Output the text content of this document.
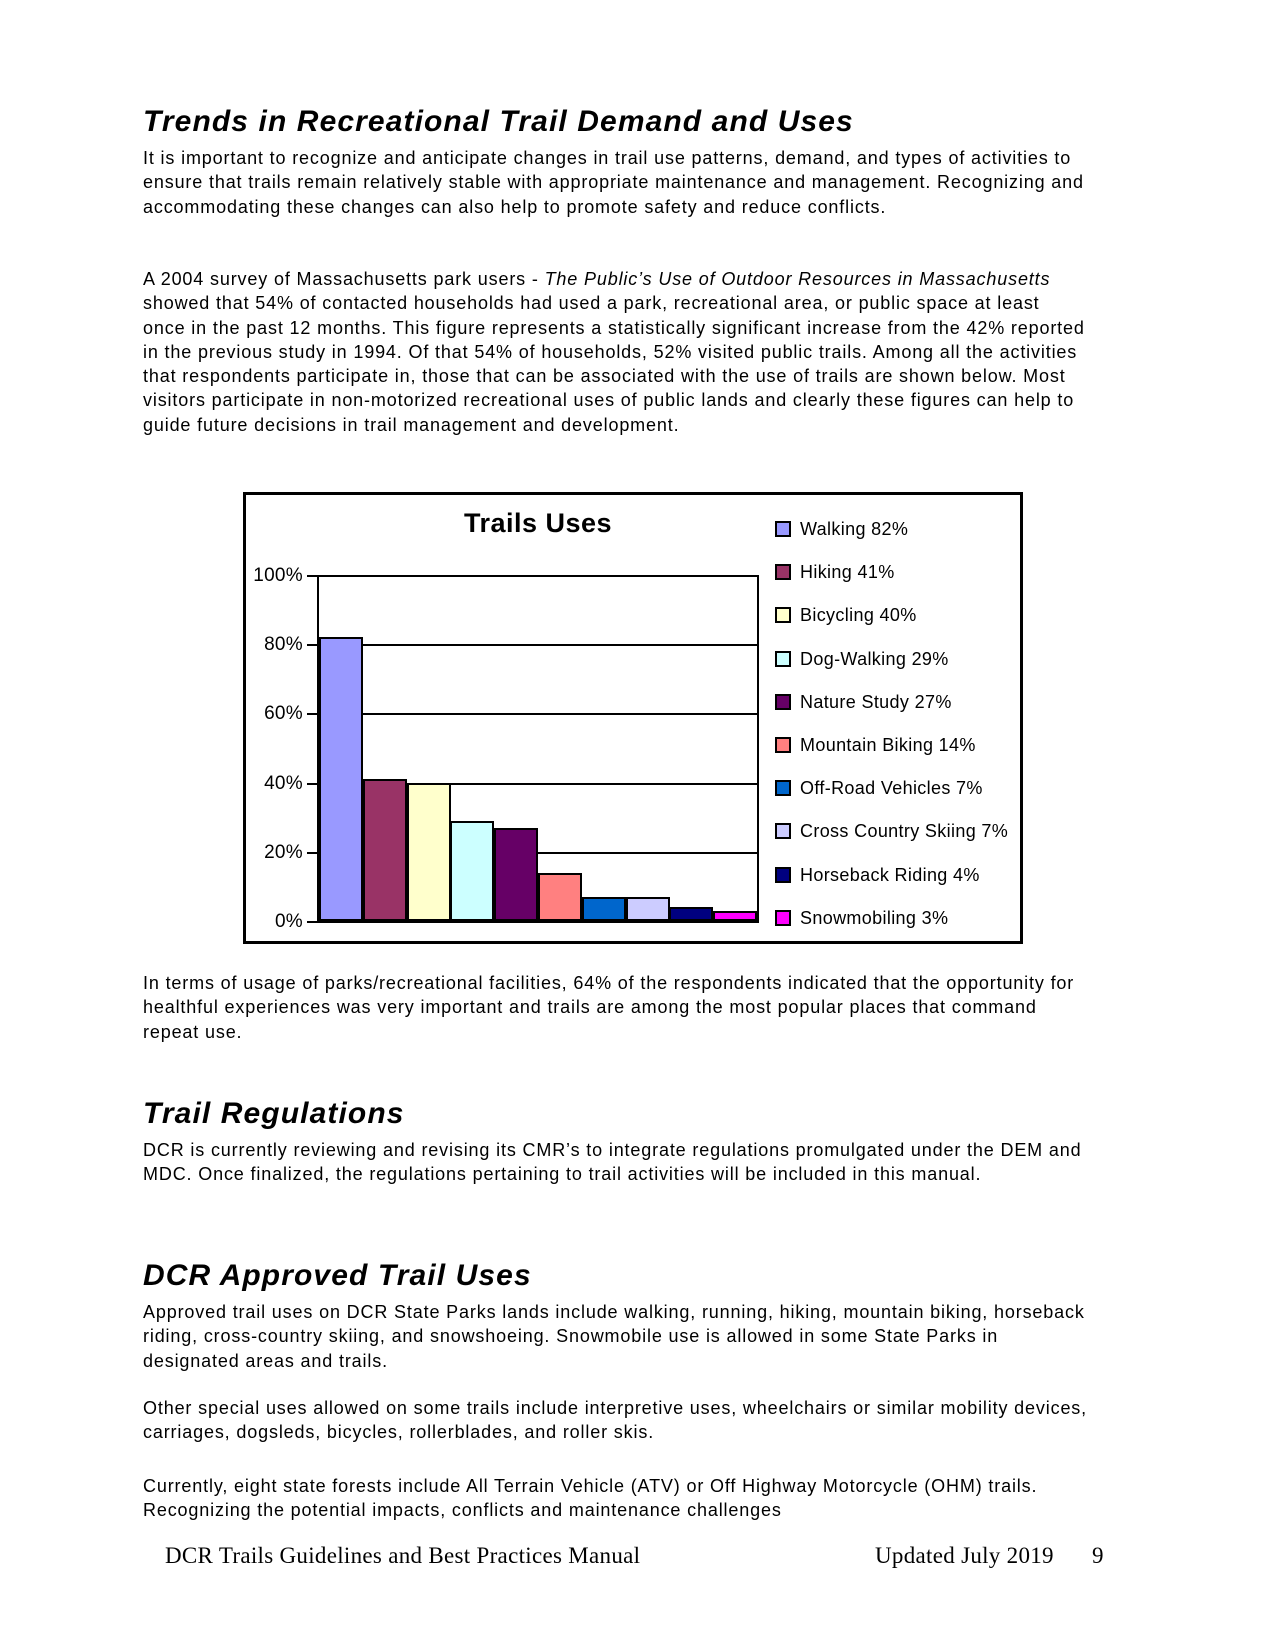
Trends in Recreational Trail Demand and Uses

It is important to recognize and anticipate changes in trail use patterns, demand, and types of activities to ensure that trails remain relatively stable with appropriate maintenance and management. Recognizing and accommodating these changes can also help to promote safety and reduce conflicts.

A 2004 survey of Massachusetts park users - The Public’s Use of Outdoor Resources in Massachusetts showed that 54% of contacted households had used a park, recreational area, or public space at least once in the past 12 months. This figure represents a statistically significant increase from the 42% reported in the previous study in 1994. Of that 54% of households, 52% visited public trails. Among all the activities that respondents participate in, those that can be associated with the use of trails are shown below. Most visitors participate in non-motorized recreational uses of public lands and clearly these figures can help to guide future decisions in trail management and development.

Trails Uses
0%
20%
40%
60%
80%
100%
Walking 82%
Hiking 41%
Bicycling 40%
Dog-Walking 29%
Nature Study 27%
Mountain Biking 14%
Off-Road Vehicles 7%
Cross Country Skiing 7%
Horseback Riding 4%
Snowmobiling 3%

In terms of usage of parks/recreational facilities, 64% of the respondents indicated that the opportunity for healthful experiences was very important and trails are among the most popular places that command repeat use.

Trail Regulations

DCR is currently reviewing and revising its CMR’s to integrate regulations promulgated under the DEM and MDC. Once finalized, the regulations pertaining to trail activities will be included in this manual.

DCR Approved Trail Uses

Approved trail uses on DCR State Parks lands include walking, running, hiking, mountain biking, horseback riding, cross-country skiing, and snowshoeing. Snowmobile use is allowed in some State Parks in designated areas and trails.

Other special uses allowed on some trails include interpretive uses, wheelchairs or similar mobility devices, carriages, dogsleds, bicycles, rollerblades, and roller skis.

Currently, eight state forests include All Terrain Vehicle (ATV) or Off Highway Motorcycle (OHM) trails. Recognizing the potential impacts, conflicts and maintenance challenges

DCR Trails Guidelines and Best Practices Manual	Updated July 2019 9
